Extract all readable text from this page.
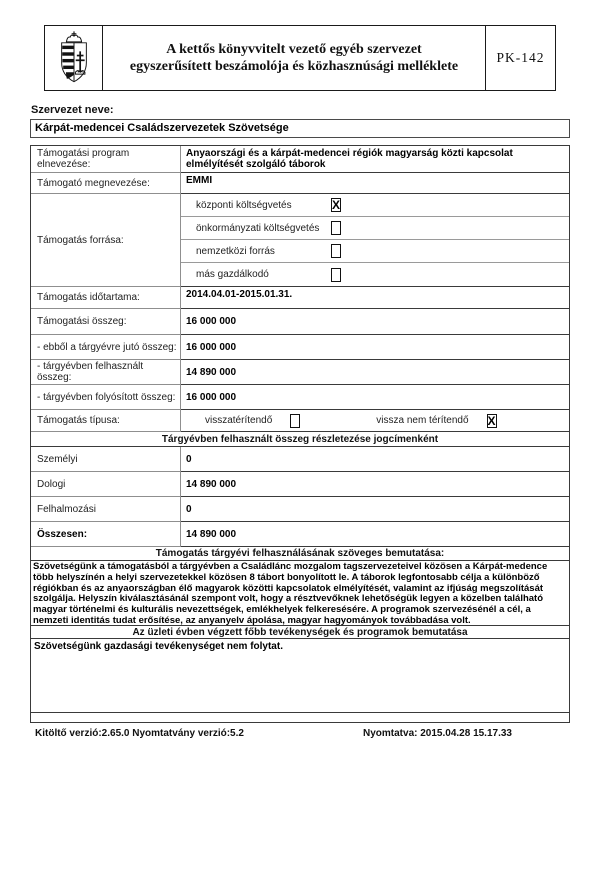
A kettős könyvvitelt vezető egyéb szervezet
egyszerűsített beszámolója és közhasznúsági melléklete
PK-142
Szervezet neve:
Kárpát-medencei Családszervezetek Szövetsége
Támogatási program elnevezése:
Anyaországi és a kárpát-medencei régiók magyarság közti kapcsolat elmélyítését szolgáló táborok
Támogató megnevezése:	EMMI
Támogatás forrása:
központi költségvetés	X
önkormányzati költségvetés
nemzetközi forrás
más gazdálkodó
Támogatás időtartama:	2014.04.01-2015.01.31.
Támogatási összeg:	16 000 000
- ebből a tárgyévre jutó összeg: 16 000 000
- tárgyévben felhasznált összeg:	14 890 000
- tárgyévben folyósított összeg:	16 000 000
Támogatás típusa:	visszatérítendő	vissza nem térítendő X
Tárgyévben felhasznált összeg részletezése jogcímenként
Személyi	0
Dologi	14 890 000
Felhalmozási	0
Összesen:	14 890 000
Támogatás tárgyévi felhasználásának szöveges bemutatása:
Szövetségünk a támogatásból a tárgyévben a Családlánc mozgalom tagszervezeteivel közösen a Kárpát-medence több helyszínén a helyi szervezetekkel közösen 8 tábort bonyolított le. A táborok legfontosabb célja a különböző régiókban és az anyaországban élő magyarok közötti kapcsolatok elmélyítését, valamint az ifjúság megszolítását szolgálja. Helyszín kiválasztásánál szempont volt, hogy a résztvevőknek lehetőségük legyen a közelben található magyar történelmi és kulturális nevezettségek, emlékhelyek felkeresésére. A programok szervezésénél a cél, a nemzeti identitás tudat erősítése, az anyanyelv ápolása, magyar hagyományok továbbadása volt.
Az üzleti évben végzett főbb tevékenységek és programok bemutatása
Szövetségünk gazdasági tevékenységet nem folytat.
Kitöltő verzió:2.65.0 Nyomtatvány verzió:5.2	Nyomtatva: 2015.04.28 15.17.33
